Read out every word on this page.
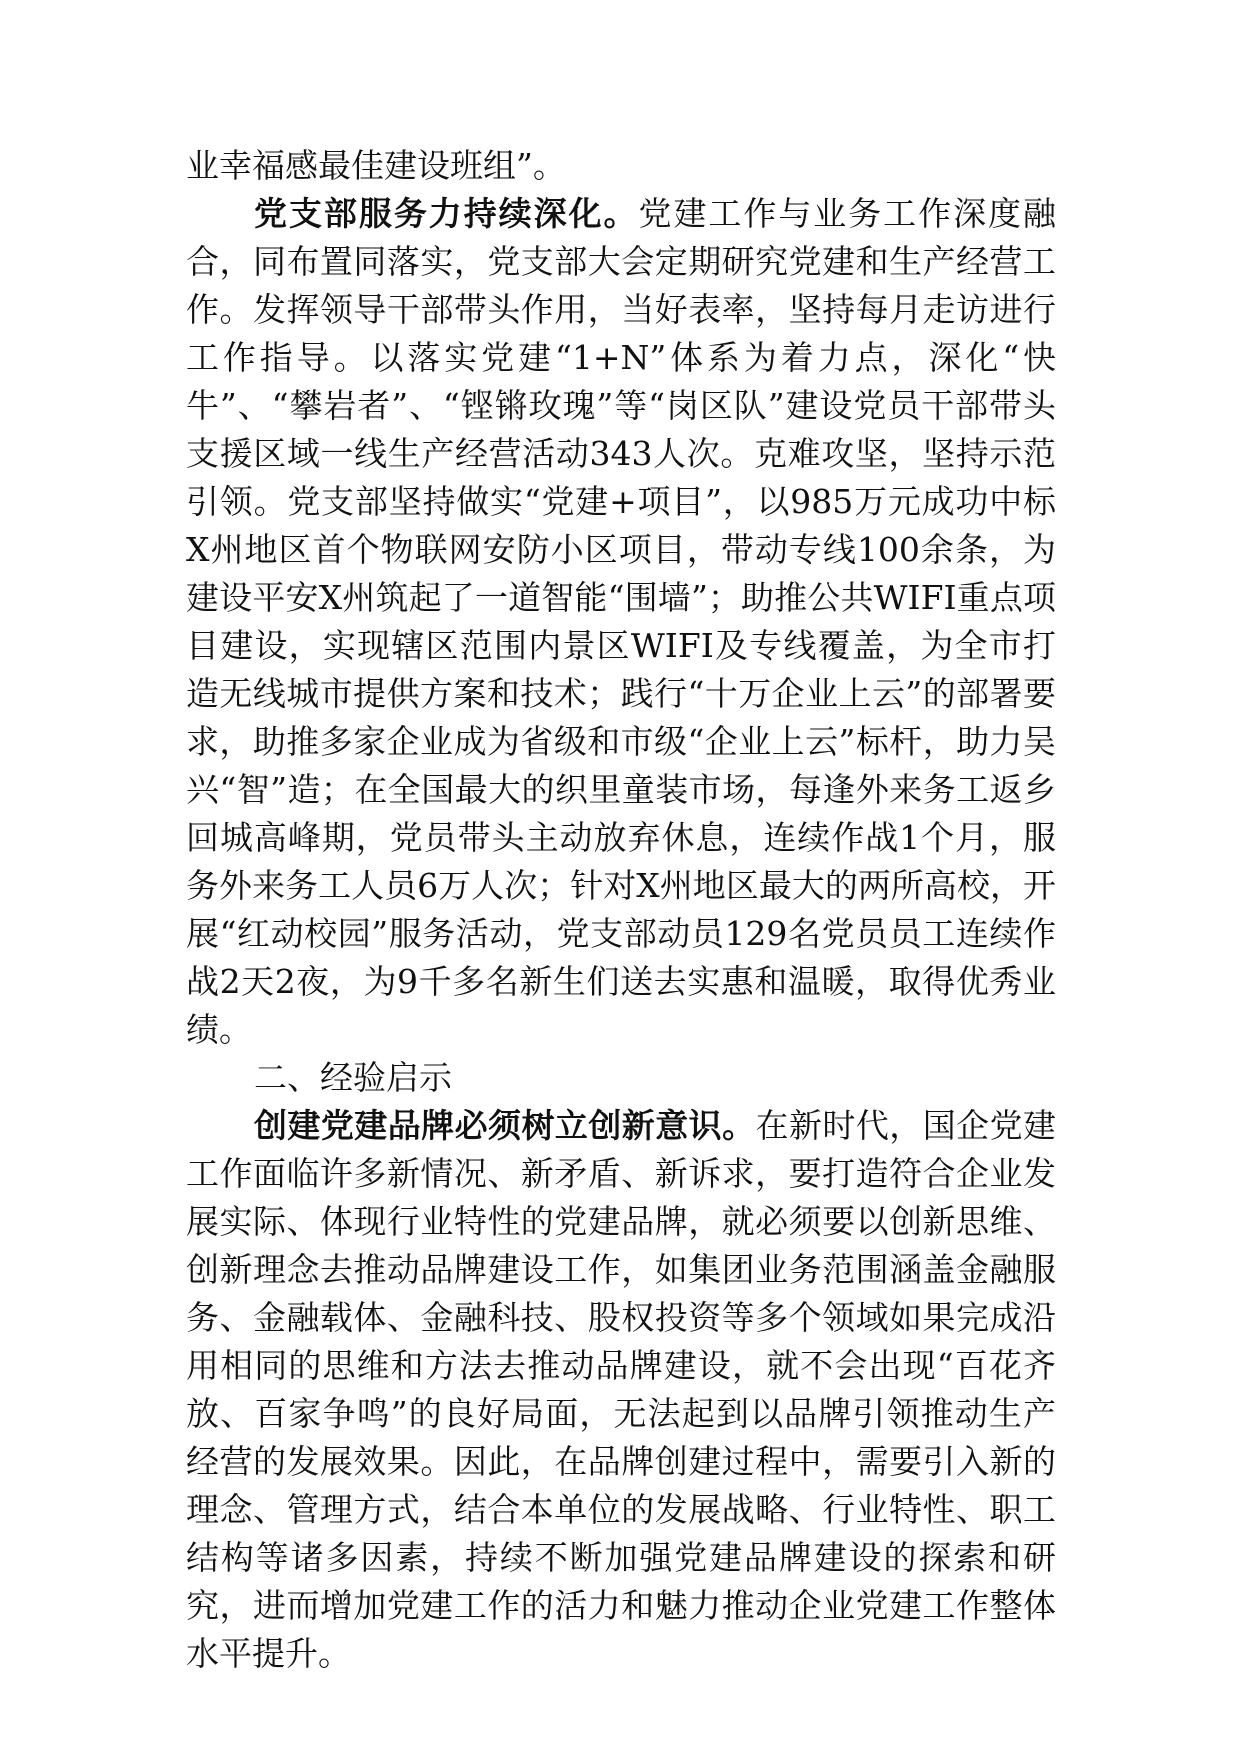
业幸福感最佳建设班组”。

党支部服务力持续深化。党建工作与业务工作深度融合，同布置同落实，党支部大会定期研究党建和生产经营工作。发挥领导干部带头作用，当好表率，坚持每月走访进行工作指导。以落实党建“1+N”体系为着力点，深化“快牛”、“攀岩者”、“铿锵玫瑰”等“岗区队”建设党员干部带头支援区域一线生产经营活动343人次。克难攻坚，坚持示范引领。党支部坚持做实“党建+项目”，以985万元成功中标X州地区首个物联网安防小区项目，带动专线100余条，为建设平安X州筑起了一道智能“围墙”；助推公共WIFI重点项目建设，实现辖区范围内景区WIFI及专线覆盖，为全市打造无线城市提供方案和技术；践行“十万企业上云”的部署要求，助推多家企业成为省级和市级“企业上云”标杆，助力吴兴“智”造；在全国最大的织里童装市场，每逢外来务工返乡回城高峰期，党员带头主动放弃休息，连续作战1个月，服务外来务工人员6万人次；针对X州地区最大的两所高校，开展“红动校园”服务活动，党支部动员129名党员员工连续作战2天2夜，为9千多名新生们送去实惠和温暖，取得优秀业绩。

二、经验启示

创建党建品牌必须树立创新意识。在新时代，国企党建工作面临许多新情况、新矛盾、新诉求，要打造符合企业发展实际、体现行业特性的党建品牌，就必须要以创新思维、创新理念去推动品牌建设工作，如集团业务范围涵盖金融服务、金融载体、金融科技、股权投资等多个领域如果完成沿用相同的思维和方法去推动品牌建设，就不会出现“百花齐放、百家争鸣”的良好局面，无法起到以品牌引领推动生产经营的发展效果。因此，在品牌创建过程中，需要引入新的理念、管理方式，结合本单位的发展战略、行业特性、职工结构等诸多因素，持续不断加强党建品牌建设的探索和研究，进而增加党建工作的活力和魅力推动企业党建工作整体水平提升。
